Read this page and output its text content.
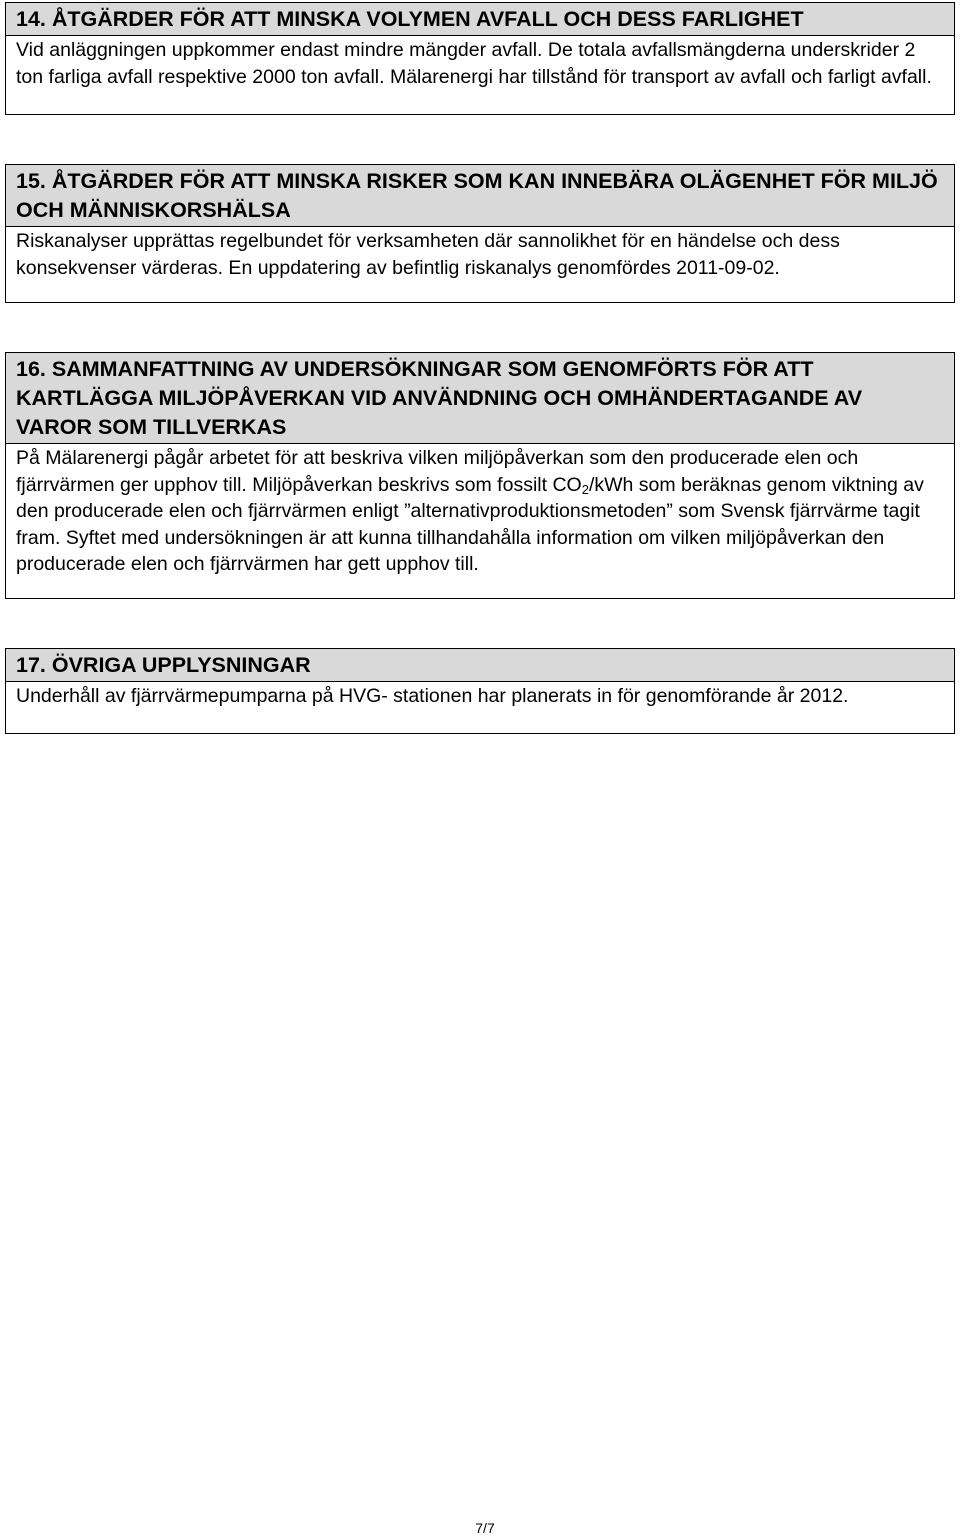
14. ÅTGÄRDER FÖR ATT MINSKA VOLYMEN AVFALL OCH DESS FARLIGHET
Vid anläggningen uppkommer endast mindre mängder avfall. De totala avfallsmängderna underskrider 2 ton farliga avfall respektive 2000 ton avfall. Mälarenergi har tillstånd för transport av avfall och farligt avfall.
15. ÅTGÄRDER FÖR ATT MINSKA RISKER SOM KAN INNEBÄRA OLÄGENHET FÖR MILJÖ OCH MÄNNISKORSHÄLSA
Riskanalyser upprättas regelbundet för verksamheten där sannolikhet för en händelse och dess konsekvenser värderas. En uppdatering av befintlig riskanalys genomfördes 2011-09-02.
16. SAMMANFATTNING AV UNDERSÖKNINGAR SOM GENOMFÖRTS FÖR ATT KARTLÄGGA MILJÖPÅVERKAN VID ANVÄNDNING OCH OMHÄNDERTAGANDE AV VAROR SOM TILLVERKAS
På Mälarenergi pågår arbetet för att beskriva vilken miljöpåverkan som den producerade elen och fjärrvärmen ger upphov till. Miljöpåverkan beskrivs som fossilt $CO_2$/kWh som beräknas genom viktning av den producerade elen och fjärrvärmen enligt ”alternativproduktionsmetoden” som Svensk fjärrvärme tagit fram. Syftet med undersökningen är att kunna tillhandahålla information om vilken miljöpåverkan den producerade elen och fjärrvärmen har gett upphov till.
17. ÖVRIGA UPPLYSNINGAR
Underhåll av fjärrvärmepumparna på HVG- stationen har planerats in för genomförande år 2012.
7/7
